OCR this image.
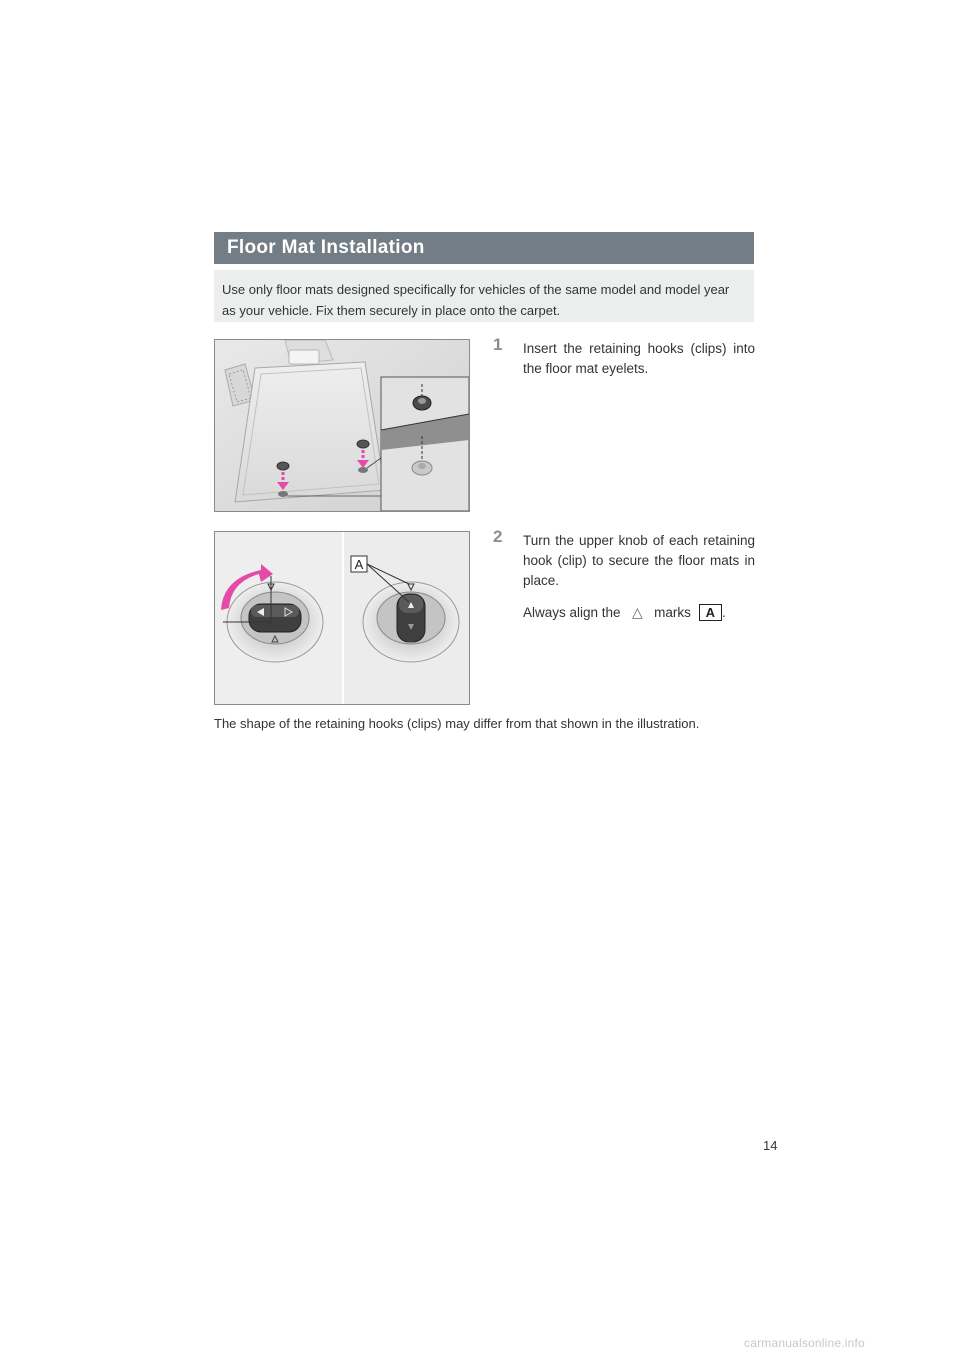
Floor Mat Installation
Use only floor mats designed specifically for vehicles of the same model and model year as your vehicle. Fix them securely in place onto the carpet.
A
1 Insert the retaining hooks (clips) into the floor mat eyelets.
2 Turn the upper knob of each retaining hook (clip) to secure the floor mats in place.
Always align the △ marks A .
The shape of the retaining hooks (clips) may differ from that shown in the illustration.
14
carmanualsonline.info
